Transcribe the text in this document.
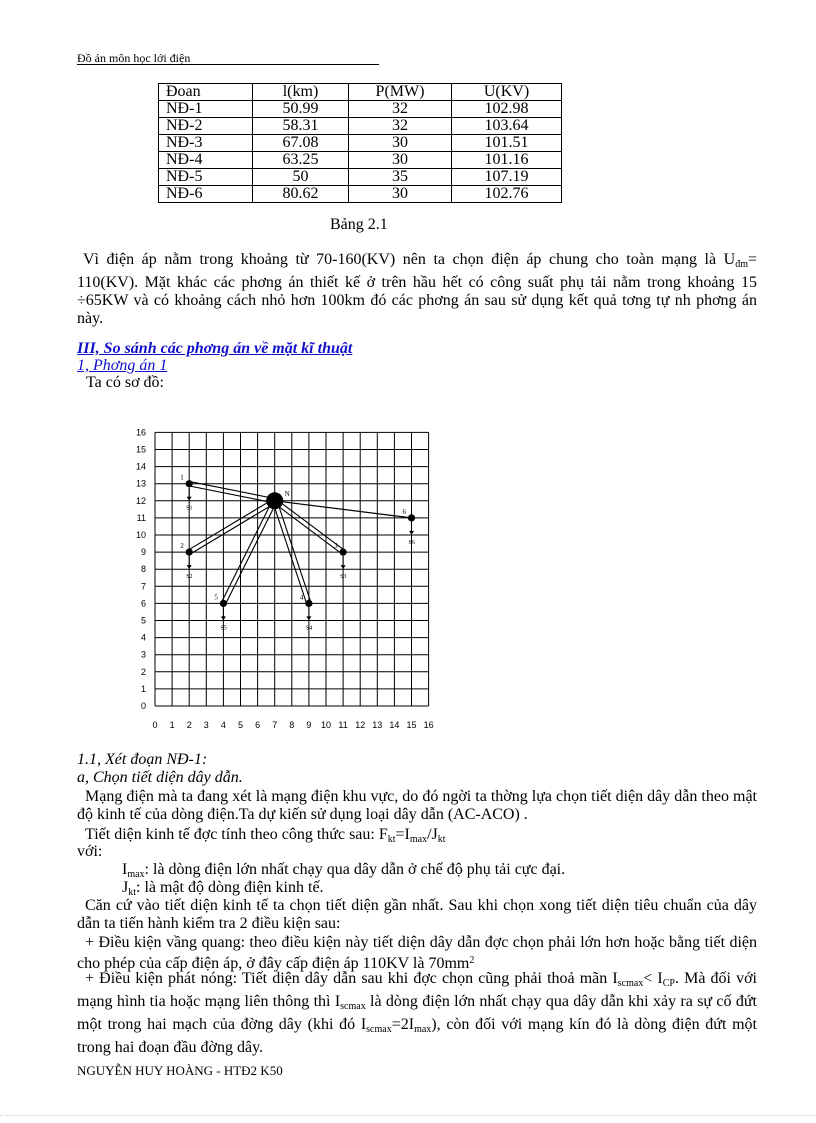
Đồ án môn học lới điện
Đoan	l(km)	P(MW)	U(KV)
NĐ-1	50.99	32	102.98
NĐ-2	58.31	32	103.64
NĐ-3	67.08	30	101.51
NĐ-4	63.25	30	101.16
NĐ-5	50	35	107.19
NĐ-6	80.62	30	102.76
Bảng 2.1
Vì điện áp nằm trong khoảng từ 70-160(KV) nên ta chọn điện áp chung cho toàn mạng là $U_{đm}= 110(KV)$. Mặt khác các phơng án thiết kế ở trên hầu hết có công suất phụ tải nằm trong khoảng 15 ÷65KW và có khoảng cách nhỏ hơn 100km đó các phơng án sau sử dụng kết quả tơng tự nh phơng án này.
III, So sánh các phơng án về mặt kĩ thuật
1, Phơng án 1
Ta có sơ đồ:
0 1 2 3 4 5 6 7 8 9 10 11 12 13 14 15 16
0
1
2
3
4
5
6
7
8
9
10
11
12
13
14
15
16
1
S1
2
S2
3
S3
4
S4
5
S5
6
S6
N
1.1, Xét đoạn NĐ-1:
a, Chọn tiết diện dây dẫn.
Mạng điện mà ta đang xét là mạng điện khu vực, do đó ngời ta thờng lựa chọn tiết diện dây dẫn theo mật độ kinh tế của dòng điện.Ta dự kiến sử dụng loại dây dẫn (AC-ACO) .
Tiết diện kinh tế đợc tính theo công thức sau: $F_{kt}=I_{max}/J_{kt}$
với:
$I_{max}$: là dòng điện lớn nhất chạy qua dây dẫn ở chế độ phụ tải cực đại.
$J_{kt}$: là mật độ dòng điện kinh tế.
Căn cứ vào tiết diện kinh tế ta chọn tiết diện gần nhất. Sau khi chọn xong tiết diện tiêu chuẩn của dây dẫn ta tiến hành kiểm tra 2 điều kiện sau:
+ Điều kiện vầng quang: theo điều kiện này tiết diện dây dẫn đợc chọn phải lớn hơn hoặc bằng tiết diện cho phép của cấp điện áp, ở đây cấp điện áp 110KV là $70mm^2$
+ Điều kiện phát nóng: Tiết diện dây dẫn sau khi đợc chọn cũng phải thoả mãn $I_{scmax}< I_{CP}$. Mà đối với mạng hình tia hoặc mạng liên thông thì $I_{scmax}$ là dòng điện lớn nhất chạy qua dây dẫn khi xảy ra sự cố đứt một trong hai mạch của đờng dây (khi đó $I_{scmax}=2I_{max}$), còn đối với mạng kín đó là dòng điện đứt một trong hai đoạn đầu đờng dây.
NGUYỄN HUY HOÀNG - HTĐ2 K50
